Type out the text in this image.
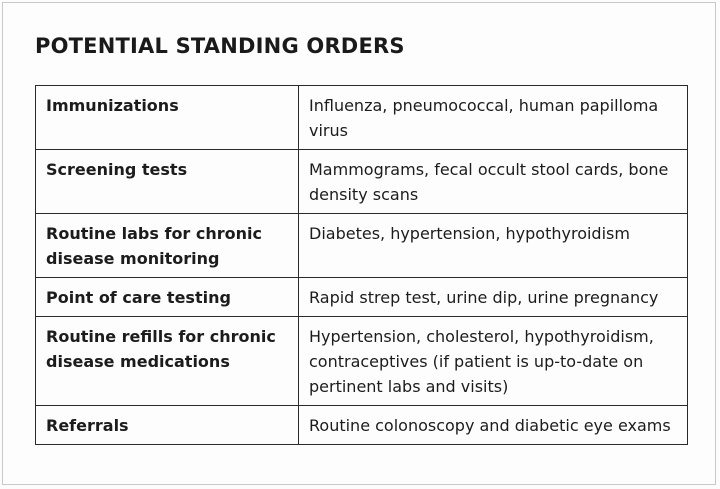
POTENTIAL STANDING ORDERS
Immunizations	Influenza, pneumococcal, human papilloma virus
Screening tests	Mammograms, fecal occult stool cards, bone density scans
Routine labs for chronic disease monitoring	Diabetes, hypertension, hypothyroidism
Point of care testing	Rapid strep test, urine dip, urine pregnancy
Routine refills for chronic disease medications	Hypertension, cholesterol, hypothyroidism, contraceptives (if patient is up-to-date on pertinent labs and visits)
Referrals	Routine colonoscopy and diabetic eye exams
